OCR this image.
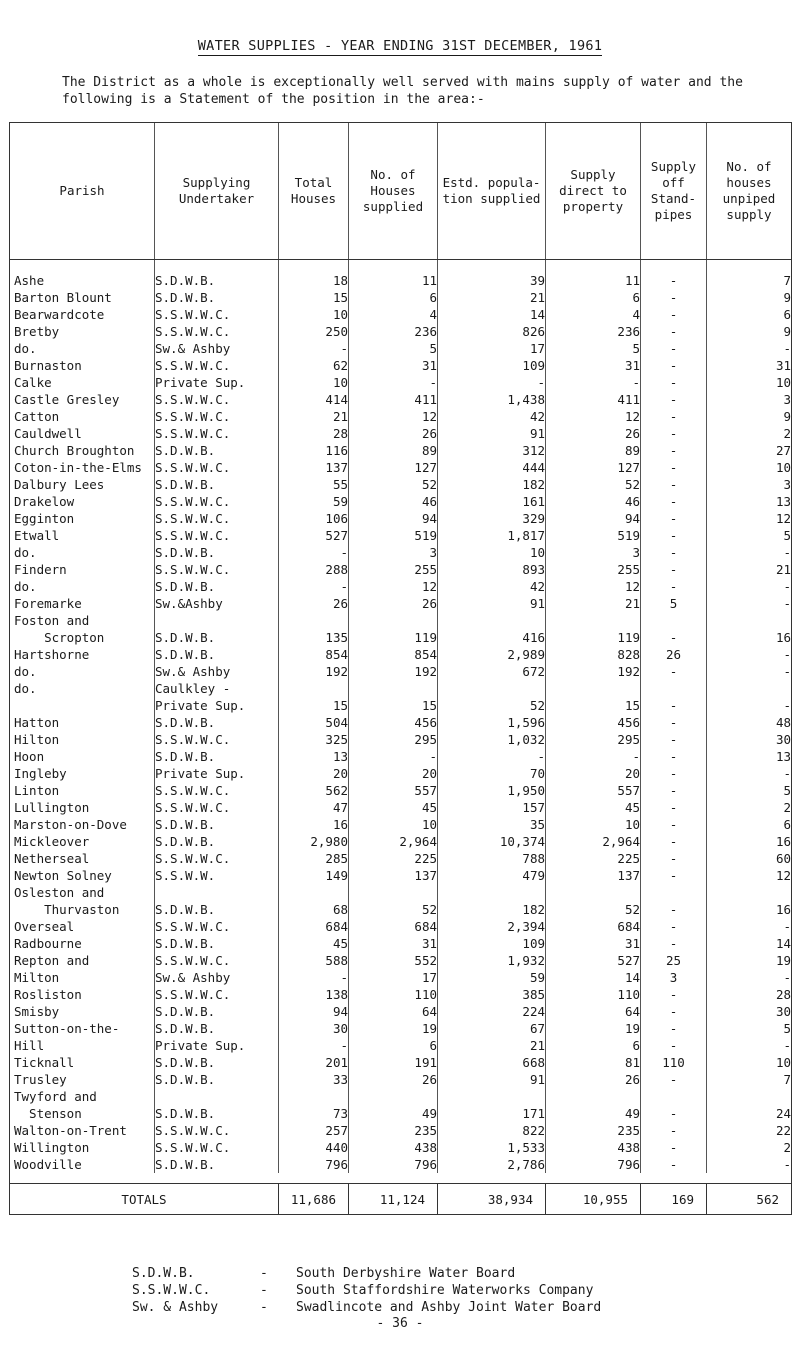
WATER SUPPLIES - YEAR ENDING 31ST DECEMBER, 1961
The District as a whole is exceptionally well served with mains supply of water and the following is a Statement of the position in the area:-
Parish	Supplying Undertaker	Total Houses	No. of Houses supplied	Estd. popula-tion supplied	Supply direct to property	Supply off Stand-pipes	No. of houses unpiped supply
Ashe	S.D.W.B.	18	11	39	11	-	7
Barton Blount	S.D.W.B.	15	6	21	6	-	9
Bearwardcote	S.S.W.W.C.	10	4	14	4	-	6
Bretby	S.S.W.W.C.	250	236	826	236	-	9
do.	Sw.& Ashby	-	5	17	5	-	-
Burnaston	S.S.W.W.C.	62	31	109	31	-	31
Calke	Private Sup.	10	-	-	-	-	10
Castle Gresley	S.S.W.W.C.	414	411	1,438	411	-	3
Catton	S.S.W.W.C.	21	12	42	12	-	9
Cauldwell	S.S.W.W.C.	28	26	91	26	-	2
Church Broughton	S.D.W.B.	116	89	312	89	-	27
Coton-in-the-Elms	S.S.W.W.C.	137	127	444	127	-	10
Dalbury Lees	S.D.W.B.	55	52	182	52	-	3
Drakelow	S.S.W.W.C.	59	46	161	46	-	13
Egginton	S.S.W.W.C.	106	94	329	94	-	12
Etwall	S.S.W.W.C.	527	519	1,817	519	-	5
do.	S.D.W.B.	-	3	10	3	-	-
Findern	S.S.W.W.C.	288	255	893	255	-	21
do.	S.D.W.B.	-	12	42	12	-	-
Foremarke	Sw.&Ashby	26	26	91	21	5	-
Foston and							
Scropton	S.D.W.B.	135	119	416	119	-	16
Hartshorne	S.D.W.B.	854	854	2,989	828	26	-
do.	Sw.& Ashby	192	192	672	192	-	-
do.	Caulkley -						
	Private Sup.	15	15	52	15	-	-
Hatton	S.D.W.B.	504	456	1,596	456	-	48
Hilton	S.S.W.W.C.	325	295	1,032	295	-	30
Hoon	S.D.W.B.	13	-	-	-	-	13
Ingleby	Private Sup.	20	20	70	20	-	-
Linton	S.S.W.W.C.	562	557	1,950	557	-	5
Lullington	S.S.W.W.C.	47	45	157	45	-	2
Marston-on-Dove	S.D.W.B.	16	10	35	10	-	6
Mickleover	S.D.W.B.	2,980	2,964	10,374	2,964	-	16
Netherseal	S.S.W.W.C.	285	225	788	225	-	60
Newton Solney	S.S.W.W.	149	137	479	137	-	12
Osleston and							
Thurvaston	S.D.W.B.	68	52	182	52	-	16
Overseal	S.S.W.W.C.	684	684	2,394	684	-	-
Radbourne	S.D.W.B.	45	31	109	31	-	14
Repton and	S.S.W.W.C.	588	552	1,932	527	25	19
Milton	Sw.& Ashby	-	17	59	14	3	-
Rosliston	S.S.W.W.C.	138	110	385	110	-	28
Smisby	S.D.W.B.	94	64	224	64	-	30
Sutton-on-the-	S.D.W.B.	30	19	67	19	-	5
Hill	Private Sup.	-	6	21	6	-	-
Ticknall	S.D.W.B.	201	191	668	81	110	10
Trusley	S.D.W.B.	33	26	91	26	-	7
Twyford and							
Stenson	S.D.W.B.	73	49	171	49	-	24
Walton-on-Trent	S.S.W.W.C.	257	235	822	235	-	22
Willington	S.S.W.W.C.	440	438	1,533	438	-	2
Woodville	S.D.W.B.	796	796	2,786	796	-	-

TOTALS		11,686	11,124	38,934	10,955	169	562
S.D.W.B.	-	South Derbyshire Water Board
S.S.W.W.C.	-	South Staffordshire Waterworks Company
Sw. & Ashby	-	Swadlincote and Ashby Joint Water Board
- 36 -
